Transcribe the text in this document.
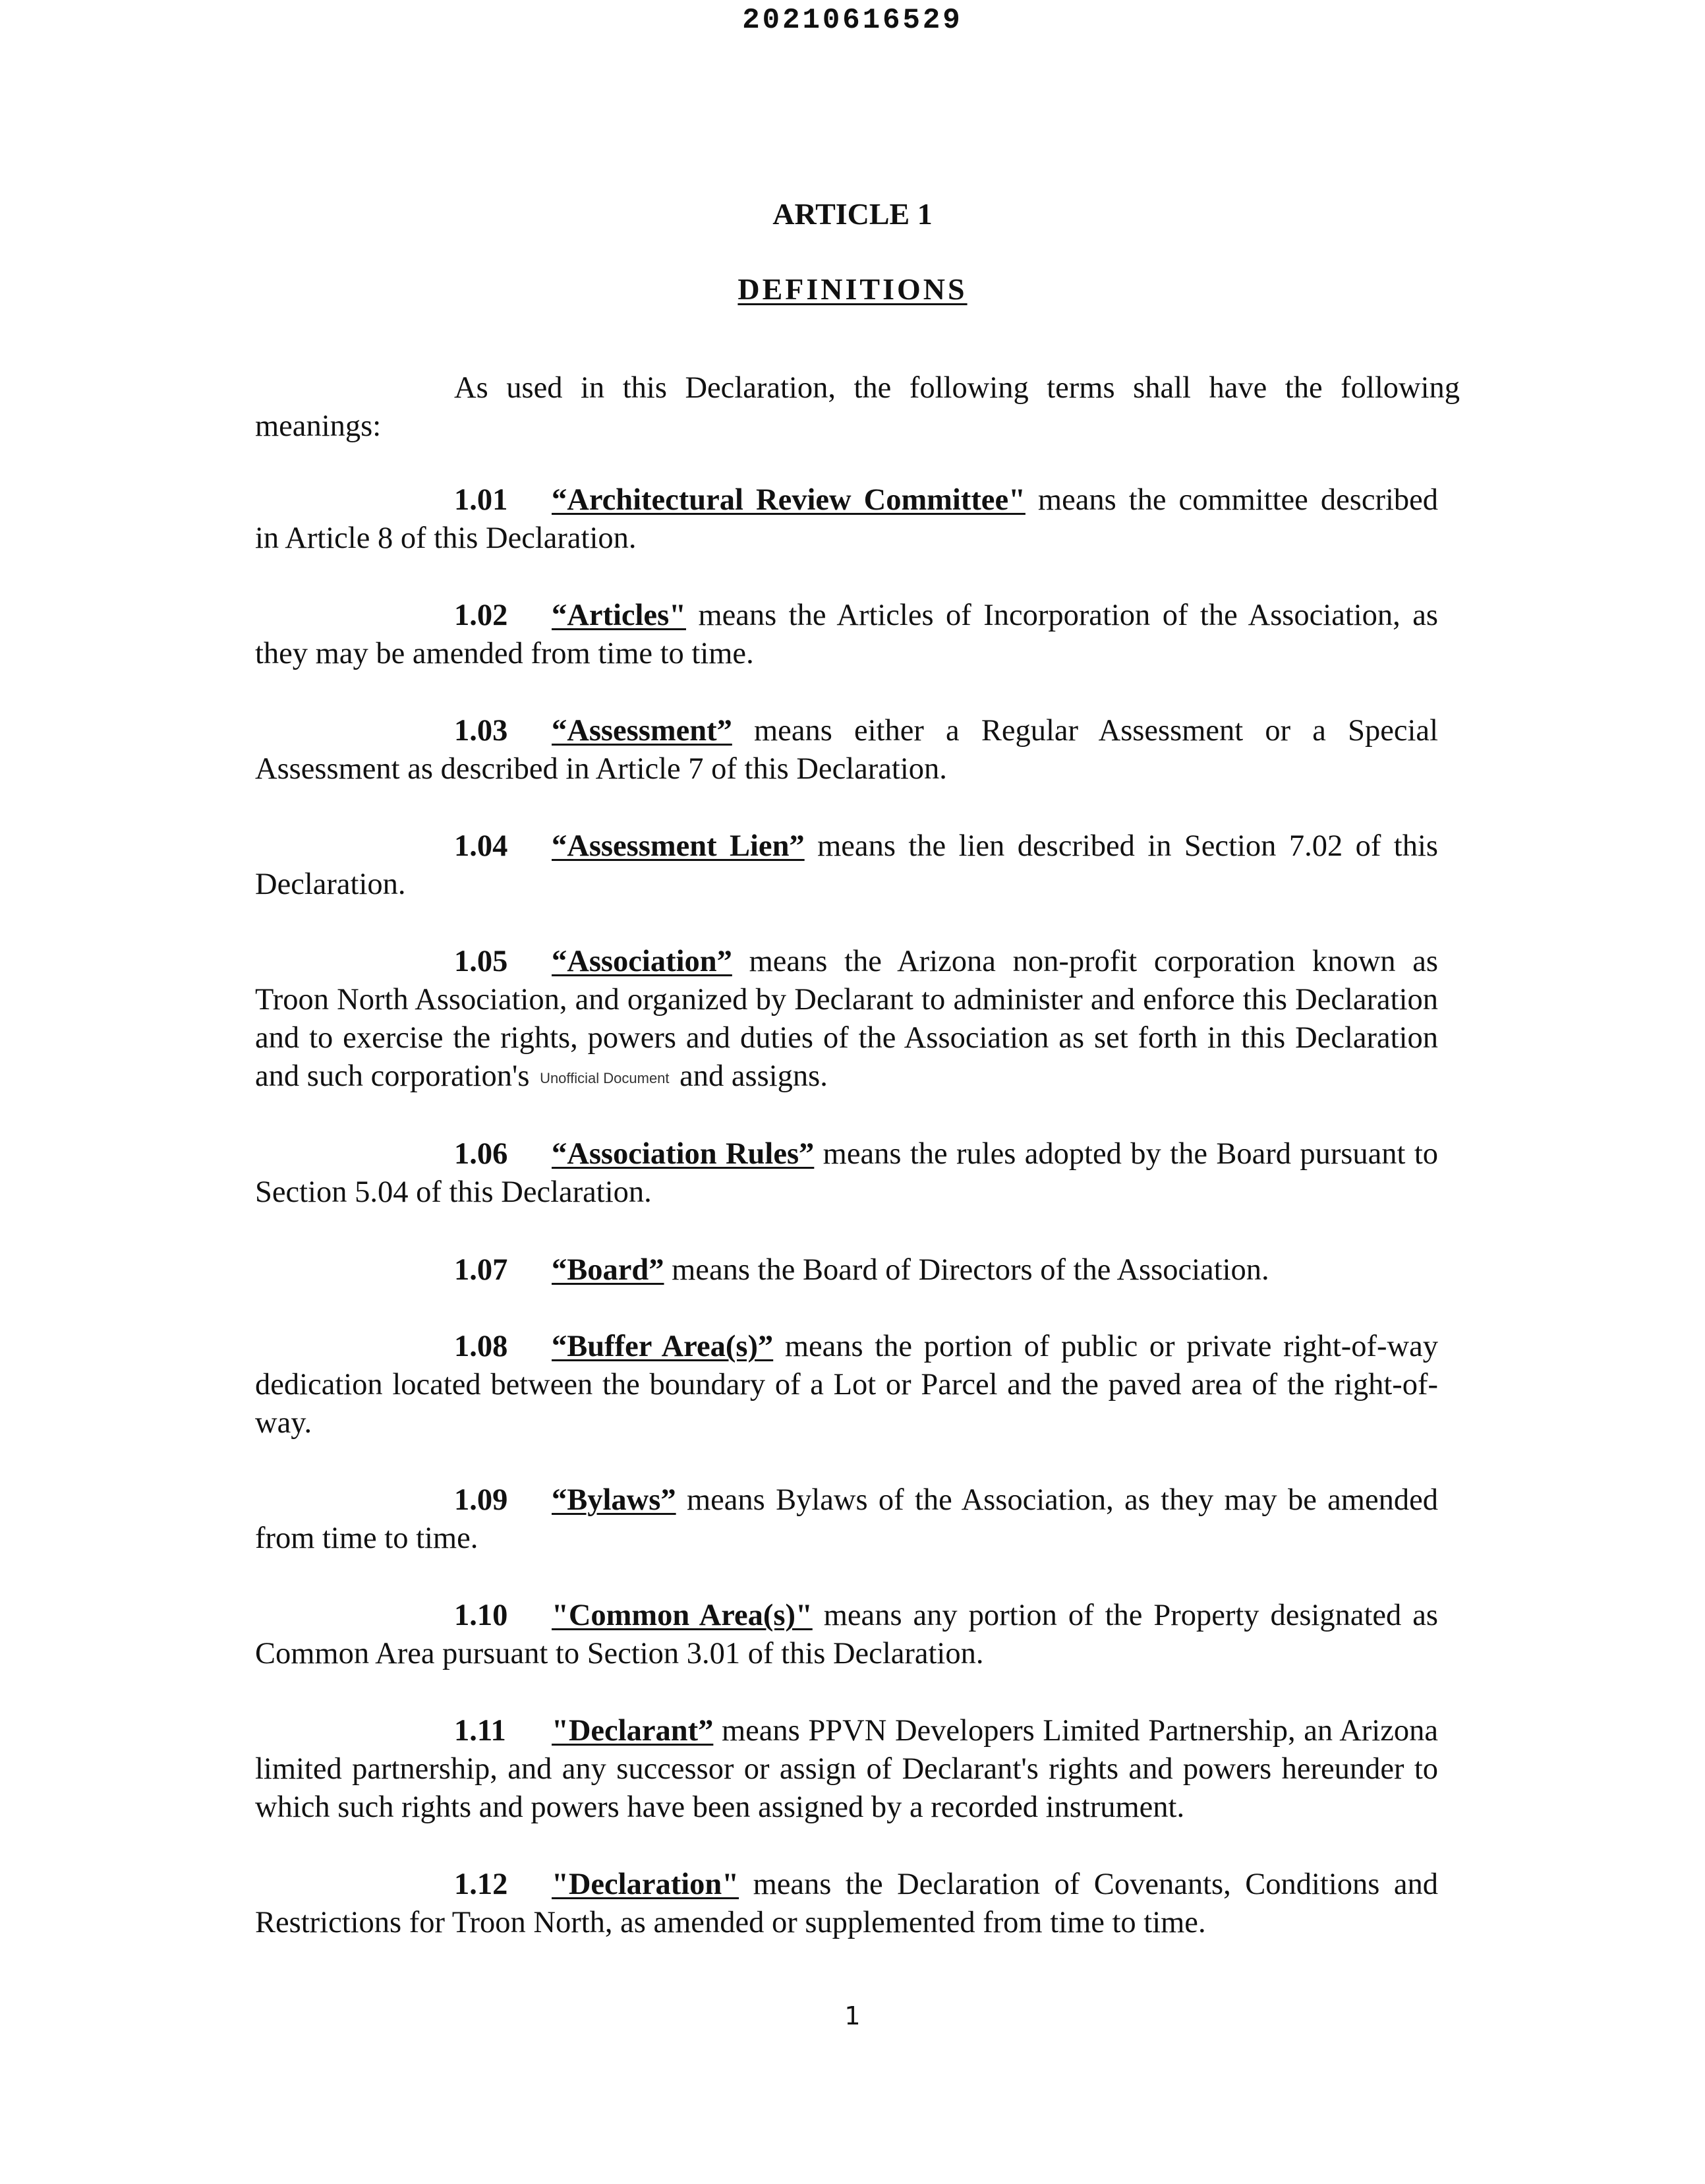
20210616529
ARTICLE 1
DEFINITIONS

As used in this Declaration, the following terms shall have the following meanings:

1.01 “Architectural Review Committee" means the committee described in Article 8 of this Declaration.

1.02 “Articles" means the Articles of Incorporation of the Association, as they may be amended from time to time.

1.03 “Assessment” means either a Regular Assessment or a Special Assessment as described in Article 7 of this Declaration.

1.04 “Assessment Lien” means the lien described in Section 7.02 of this Declaration.

1.05 “Association” means the Arizona non-profit corporation known as Troon North Association, and organized by Declarant to administer and enforce this Declaration and to exercise the rights, powers and duties of the Association as set forth in this Declaration and such corporation's Unofficial Document and assigns.

1.06 “Association Rules” means the rules adopted by the Board pursuant to Section 5.04 of this Declaration.

1.07 “Board” means the Board of Directors of the Association.

1.08 “Buffer Area(s)” means the portion of public or private right-of-way dedication located between the boundary of a Lot or Parcel and the paved area of the right-of-way.

1.09 “Bylaws” means Bylaws of the Association, as they may be amended from time to time.

1.10 "Common Area(s)" means any portion of the Property designated as Common Area pursuant to Section 3.01 of this Declaration.

1.11 "Declarant” means PPVN Developers Limited Partnership, an Arizona limited partnership, and any successor or assign of Declarant's rights and powers hereunder to which such rights and powers have been assigned by a recorded instrument.

1.12 "Declaration" means the Declaration of Covenants, Conditions and Restrictions for Troon North, as amended or supplemented from time to time.

1
